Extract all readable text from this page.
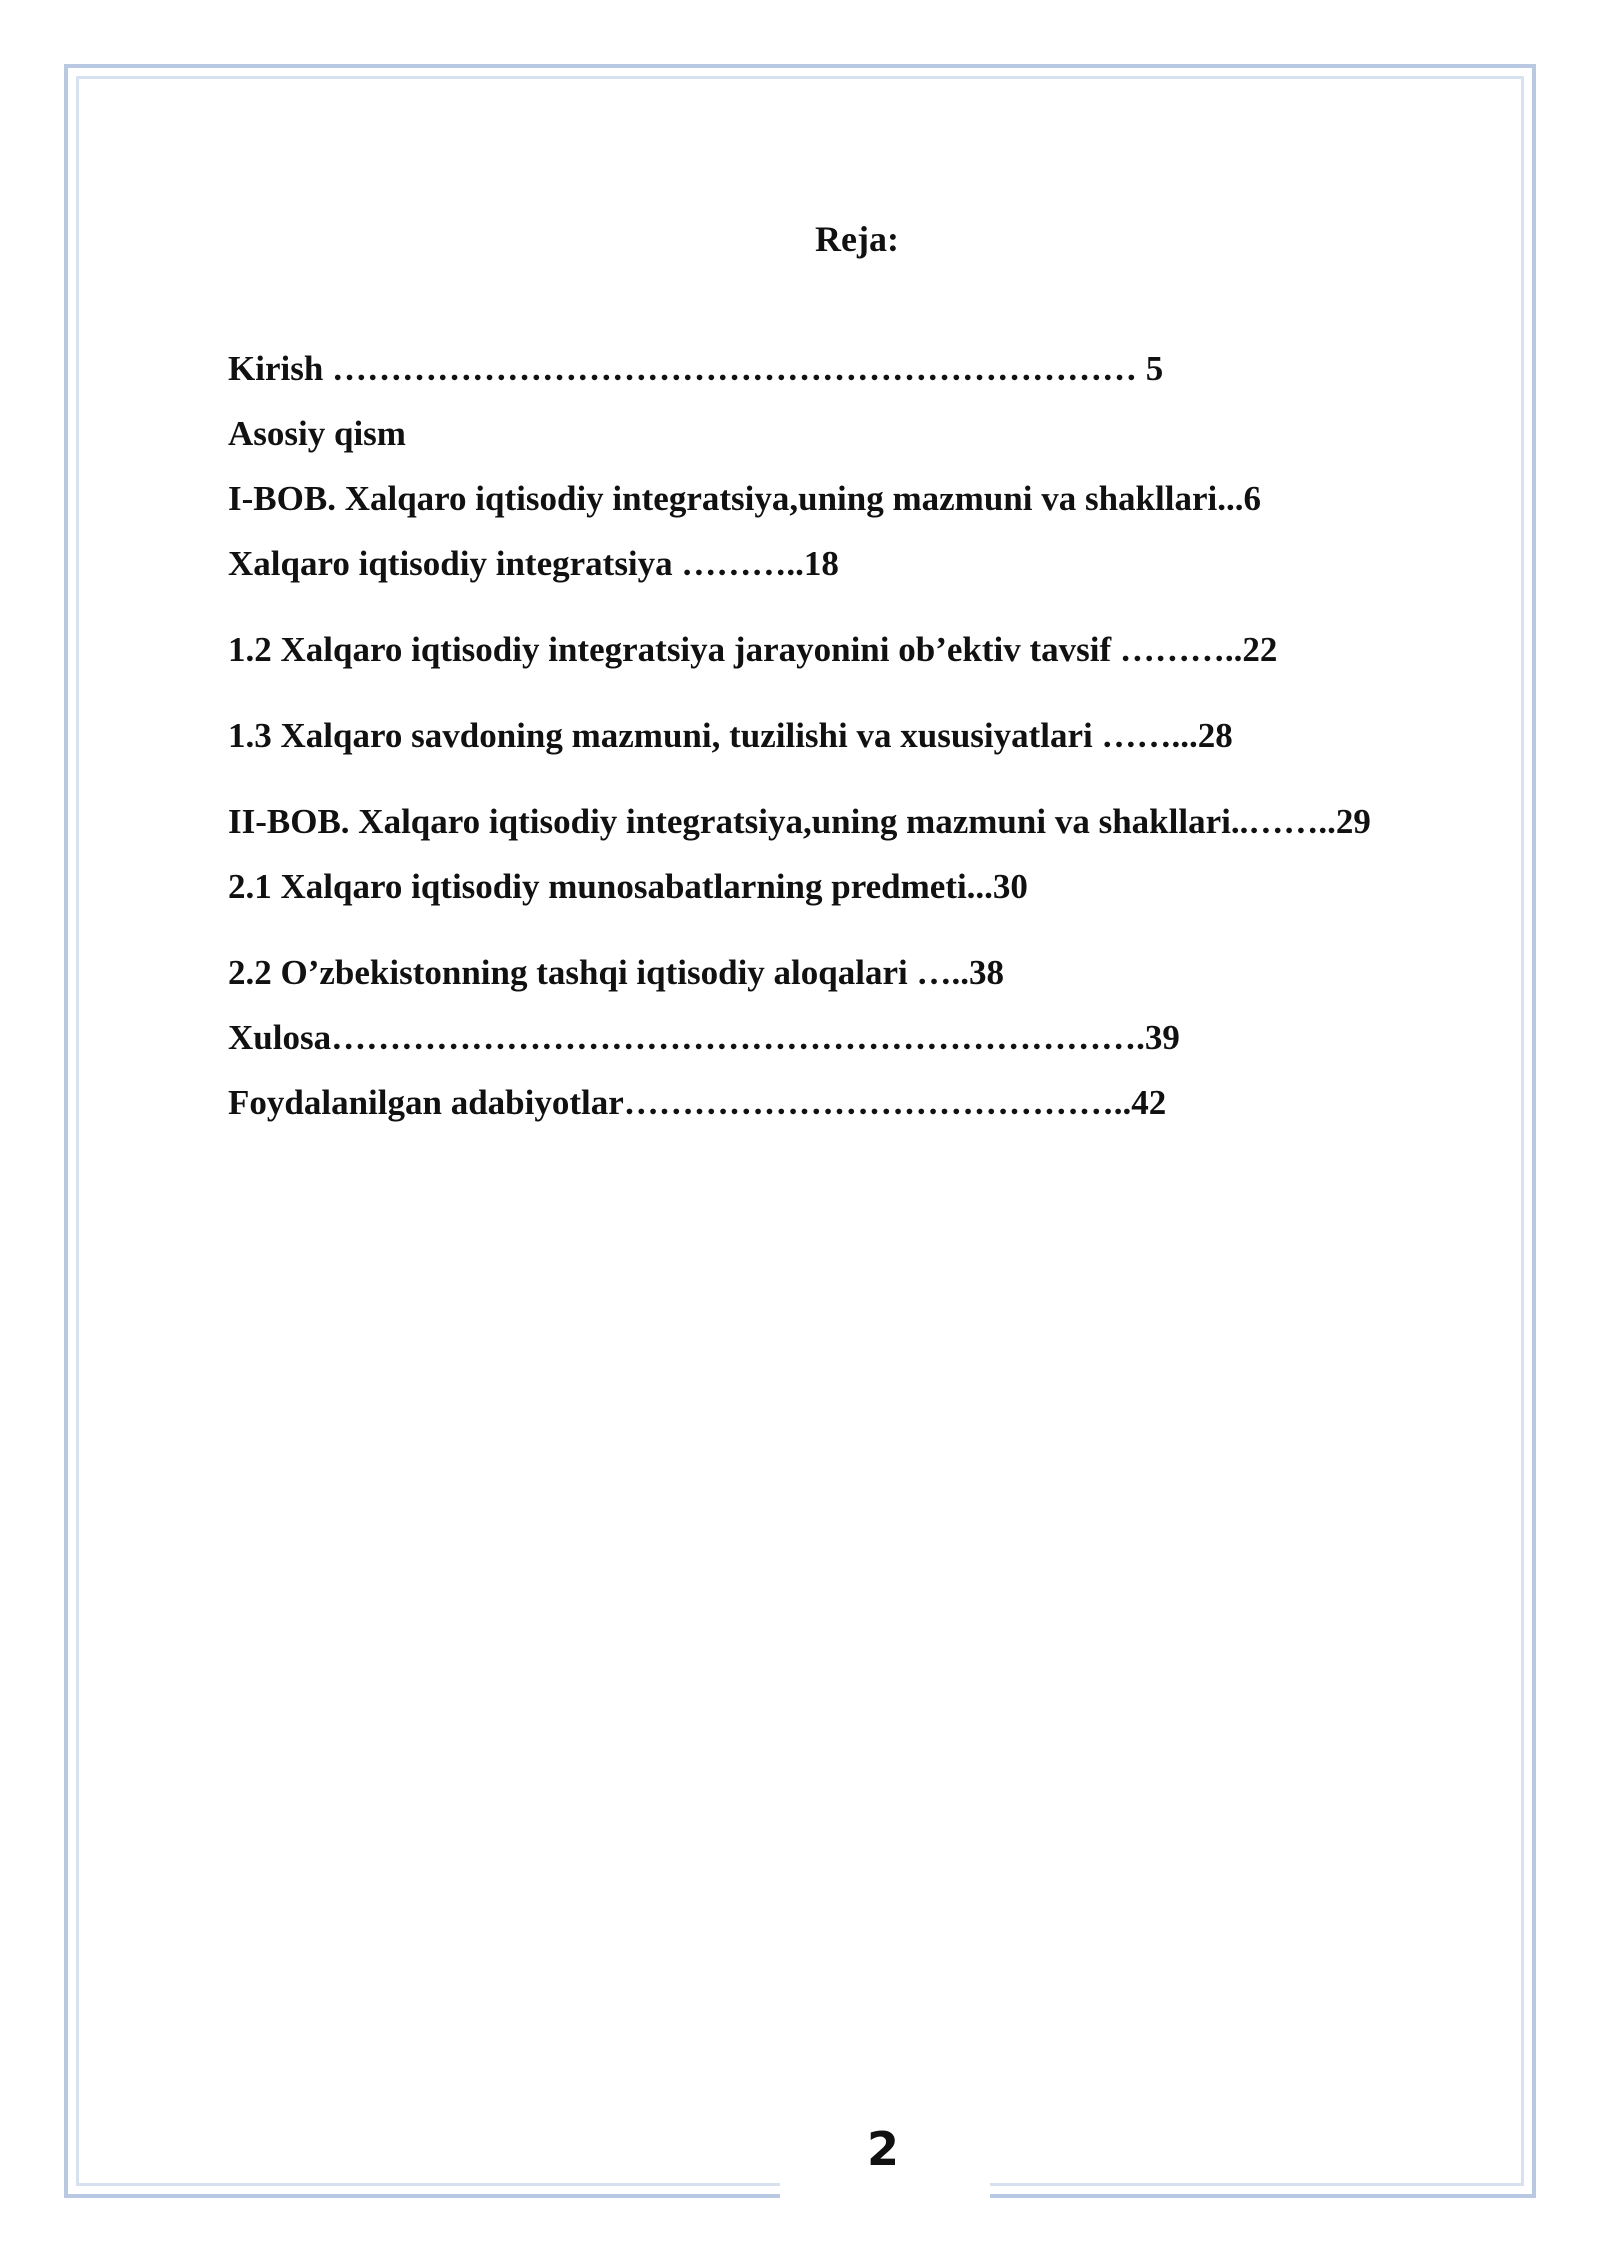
Reja:

Kirish …………………………………………………………… 5

Asosiy qism

I-BOB. Xalqaro iqtisodiy integratsiya,uning mazmuni va shakllari...6

Xalqaro iqtisodiy integratsiya ………..18

1.2 Xalqaro iqtisodiy integratsiya jarayonini ob’ektiv tavsif ………..22

1.3 Xalqaro savdoning mazmuni, tuzilishi va xususiyatlari ……...28

II-BOB. Xalqaro iqtisodiy integratsiya,uning mazmuni va shakllari..……..29

2.1 Xalqaro iqtisodiy munosabatlarning predmeti...30

2.2 O’zbekistonning tashqi iqtisodiy aloqalari …..38

Xulosa…………………………………………………………….39

Foydalanilgan adabiyotlar……………………………………..42

2
